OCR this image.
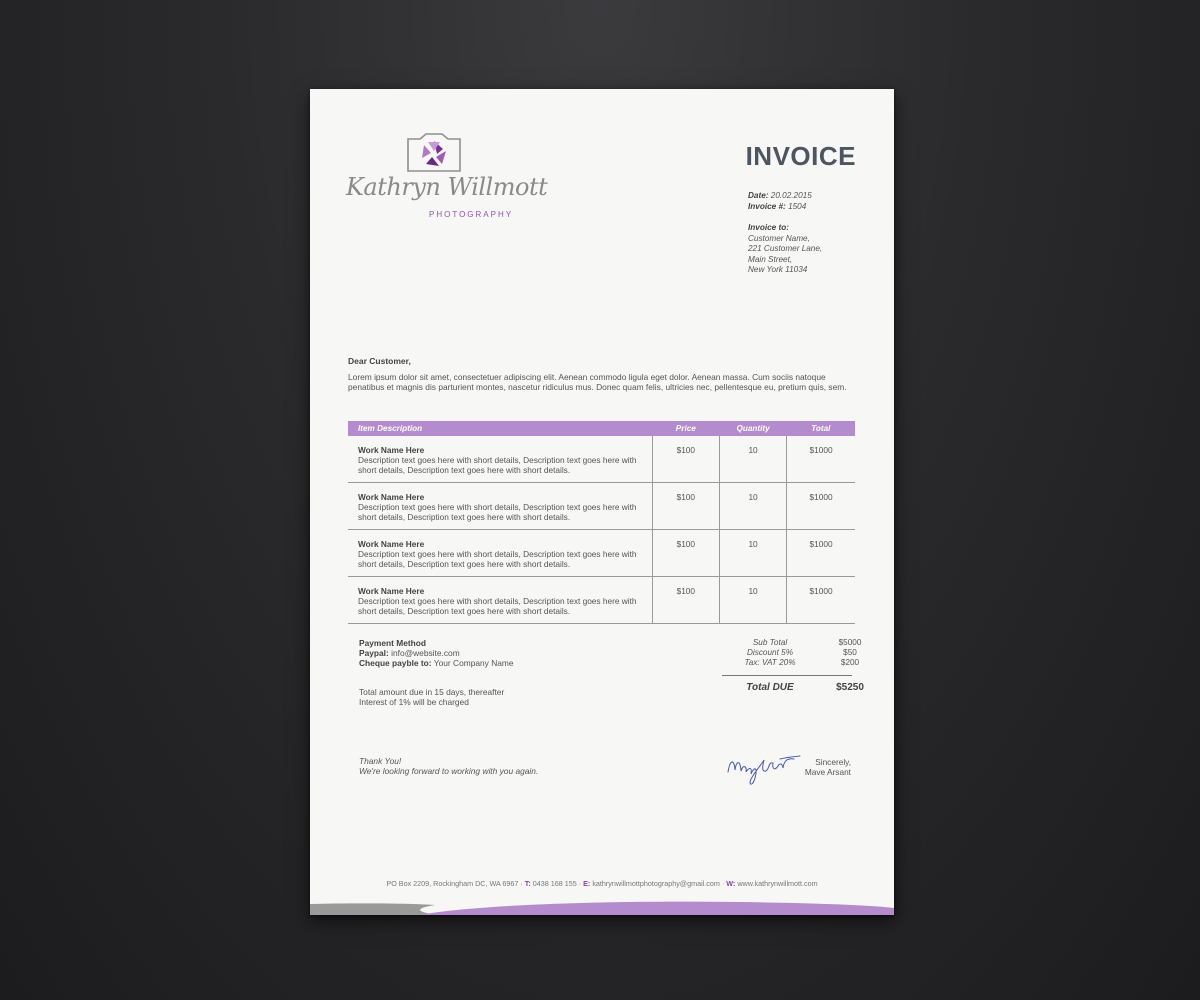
Kathryn Willmott
PHOTOGRAPHY
INVOICE
Date: 20.02.2015
Invoice #: 1504
Invoice to:
Customer Name,
221 Customer Lane,
Main Street,
New York 11034
Dear Customer,
Lorem ipsum dolor sit amet, consectetuer adipiscing elit. Aenean commodo ligula eget dolor. Aenean massa. Cum sociis natoque penatibus et magnis dis parturient montes, nascetur ridiculus mus. Donec quam felis, ultricies nec, pellentesque eu, pretium quis, sem.
Item Description	Price	Quantity	Total

Work Name Here
Description text goes here with short details, Description text goes here with short details, Description text goes here with short details.	$100	10	$1000

Work Name Here
Description text goes here with short details, Description text goes here with short details, Description text goes here with short details.	$100	10	$1000

Work Name Here
Description text goes here with short details, Description text goes here with short details, Description text goes here with short details.	$100	10	$1000

Work Name Here
Description text goes here with short details, Description text goes here with short details, Description text goes here with short details.	$100	10	$1000
Payment Method
Paypal: info@website.com
Cheque payble to: Your Company Name
Total amount due in 15 days, thereafter
Interest of 1% will be charged
Sub Total	$5000
Discount 5%	$50
Tax: VAT 20%	$200
Total DUE	$5250
Thank You!
We're looking forward to working with you again.
Sincerely,
Mave Arsant
PO Box 2209, Rockingham DC, WA 6967 · T: 0438 168 155 · E: kathrynwillmottphotography@gmail.com · W: www.kathrynwillmott.com
